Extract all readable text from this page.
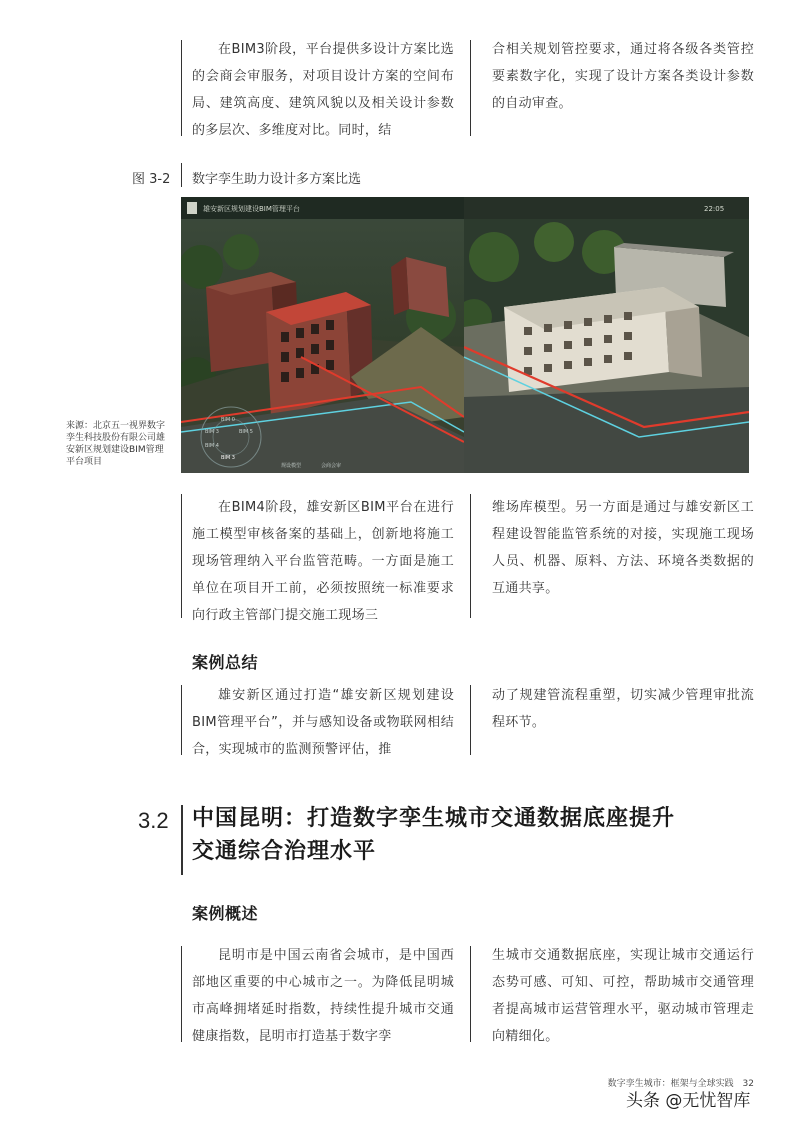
在BIM3阶段，平台提供多设计方案比选的会商会审服务，对项目设计方案的空间布局、建筑高度、建筑风貌以及相关设计参数的多层次、多维度对比。同时，结

合相关规划管控要求，通过将各级各类管控要素数字化，实现了设计方案各类设计参数的自动审查。

图 3-2 数字孪生助力设计多方案比选
来源：北京五一视界数字孪生科技股份有限公司雄安新区规划建设BIM管理平台项目
雄安新区规划建设BIM管理平台
BIM 0
BIM 3	BIM 5
BIM 4
BIM 3
规设模型	会商会审
22:05

在BIM4阶段，雄安新区BIM平台在进行施工模型审核备案的基础上，创新地将施工现场管理纳入平台监管范畴。一方面是施工单位在项目开工前，必须按照统一标准要求向行政主管部门提交施工现场三

维场库模型。另一方面是通过与雄安新区工程建设智能监管系统的对接，实现施工现场人员、机器、原料、方法、环境各类数据的互通共享。

案例总结

雄安新区通过打造“雄安新区规划建设BIM管理平台”，并与感知设备或物联网相结合，实现城市的监测预警评估，推

动了规建管流程重塑，切实减少管理审批流程环节。

3.2 中国昆明：打造数字孪生城市交通数据底座提升
交通综合治理水平
案例概述

昆明市是中国云南省会城市，是中国西部地区重要的中心城市之一。为降低昆明城市高峰拥堵延时指数，持续性提升城市交通健康指数，昆明市打造基于数字孪

生城市交通数据底座，实现让城市交通运行态势可感、可知、可控，帮助城市交通管理者提高城市运营管理水平，驱动城市管理走向精细化。

数字孪生城市：框架与全球实践 32
头条 @无忧智库
